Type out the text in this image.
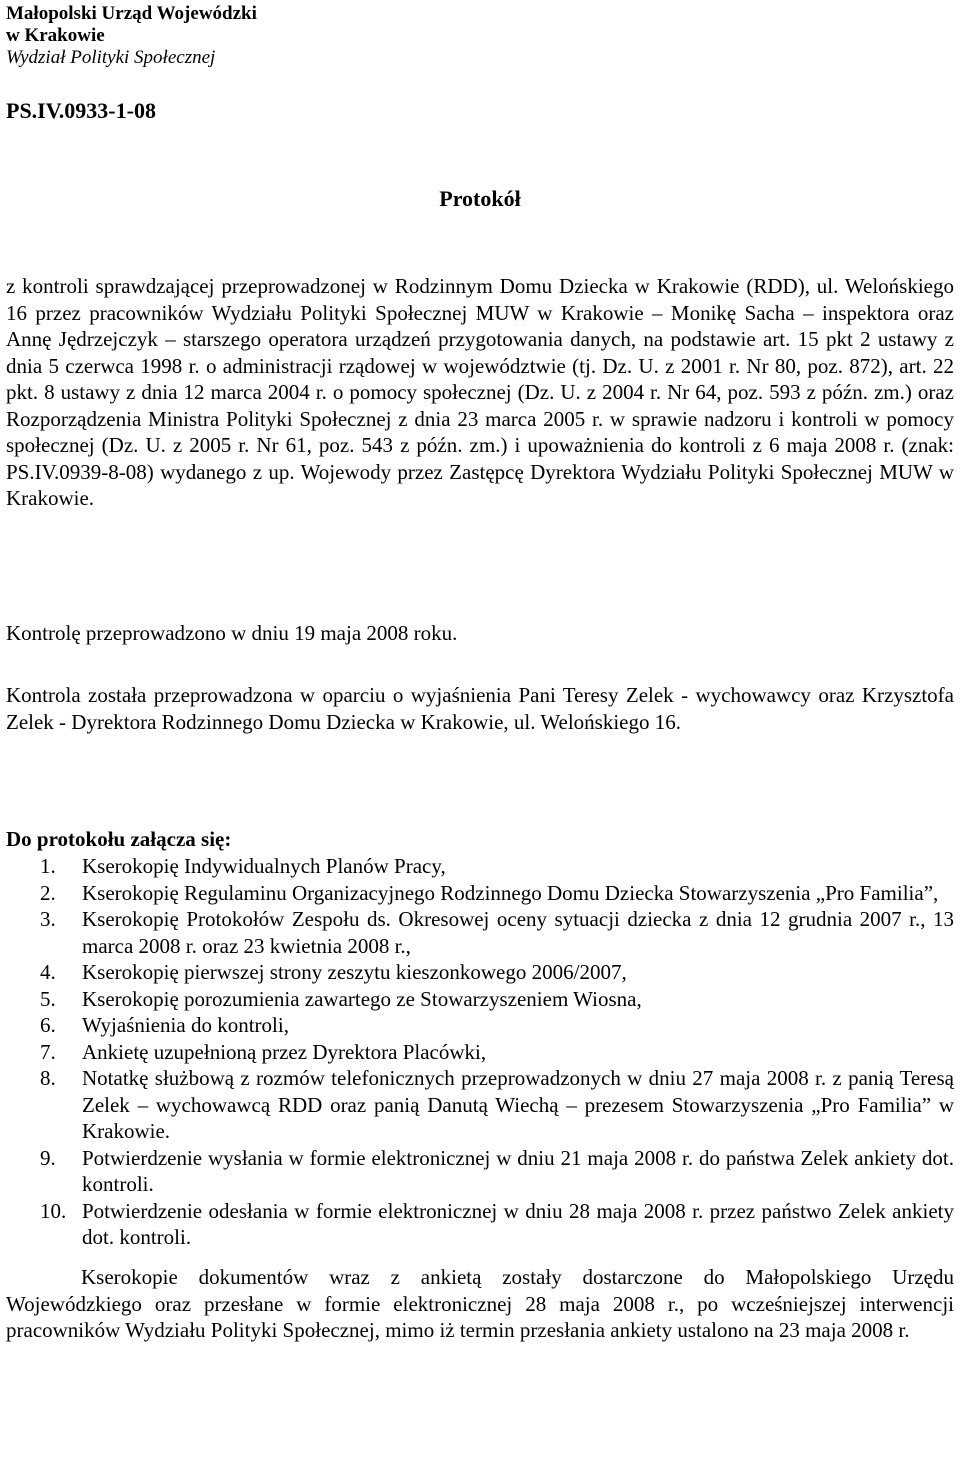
Małopolski Urząd Wojewódzki
w Krakowie
Wydział Polityki Społecznej
PS.IV.0933-1-08
Protokół
z kontroli sprawdzającej przeprowadzonej w Rodzinnym Domu Dziecka w Krakowie (RDD), ul. Welońskiego 16 przez pracowników Wydziału Polityki Społecznej MUW w Krakowie – Monikę Sacha – inspektora oraz Annę Jędrzejczyk – starszego operatora urządzeń przygotowania danych, na podstawie art. 15 pkt 2 ustawy z dnia 5 czerwca 1998 r. o administracji rządowej w województwie (tj. Dz. U. z 2001 r. Nr 80, poz. 872), art. 22 pkt. 8 ustawy z dnia 12 marca 2004 r. o pomocy społecznej (Dz. U. z 2004 r. Nr 64, poz. 593 z późn. zm.) oraz Rozporządzenia Ministra Polityki Społecznej z dnia 23 marca 2005 r. w sprawie nadzoru i kontroli w pomocy społecznej (Dz. U. z 2005 r. Nr 61, poz. 543 z późn. zm.) i upoważnienia do kontroli z 6 maja 2008 r. (znak: PS.IV.0939-8-08) wydanego z up. Wojewody przez Zastępcę Dyrektora Wydziału Polityki Społecznej MUW w Krakowie.
Kontrolę przeprowadzono w dniu 19 maja 2008 roku.
Kontrola została przeprowadzona w oparciu o wyjaśnienia Pani Teresy Zelek - wychowawcy oraz Krzysztofa Zelek - Dyrektora Rodzinnego Domu Dziecka w Krakowie, ul. Welońskiego 16.
Do protokołu załącza się:
1. Kserokopię Indywidualnych Planów Pracy,
2. Kserokopię Regulaminu Organizacyjnego Rodzinnego Domu Dziecka Stowarzyszenia „Pro Familia”,
3. Kserokopię Protokołów Zespołu ds. Okresowej oceny sytuacji dziecka z dnia 12 grudnia 2007 r., 13 marca 2008 r. oraz 23 kwietnia 2008 r.,
4. Kserokopię pierwszej strony zeszytu kieszonkowego 2006/2007,
5. Kserokopię porozumienia zawartego ze Stowarzyszeniem Wiosna,
6. Wyjaśnienia do kontroli,
7. Ankietę uzupełnioną przez Dyrektora Placówki,
8. Notatkę służbową z rozmów telefonicznych przeprowadzonych w dniu 27 maja 2008 r. z panią Teresą Zelek – wychowawcą RDD oraz panią Danutą Wiechą – prezesem Stowarzyszenia „Pro Familia” w Krakowie.
9. Potwierdzenie wysłania w formie elektronicznej w dniu 21 maja 2008 r. do państwa Zelek ankiety dot. kontroli.
10. Potwierdzenie odesłania w formie elektronicznej w dniu 28 maja 2008 r. przez państwo Zelek ankiety dot. kontroli.
Kserokopie dokumentów wraz z ankietą zostały dostarczone do Małopolskiego Urzędu Wojewódzkiego oraz przesłane w formie elektronicznej 28 maja 2008 r., po wcześniejszej interwencji pracowników Wydziału Polityki Społecznej, mimo iż termin przesłania ankiety ustalono na 23 maja 2008 r.
